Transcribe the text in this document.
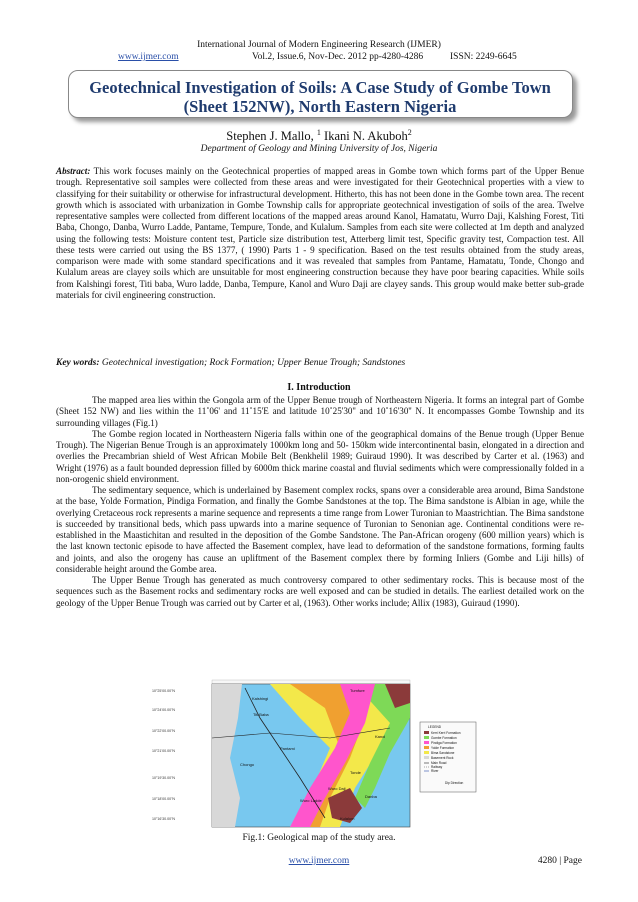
International Journal of Modern Engineering Research (IJMER)
www.ijmer.com	Vol.2, Issue.6, Nov-Dec. 2012 pp-4280-4286	ISSN: 2249-6645
Geotechnical Investigation of Soils: A Case Study of Gombe Town (Sheet 152NW), North Eastern Nigeria
Stephen J. Mallo, $^1$ Ikani N. Akuboh$^2$
Department of Geology and Mining University of Jos, Nigeria
Abstract: This work focuses mainly on the Geotechnical properties of mapped areas in Gombe town which forms part of the Upper Benue trough. Representative soil samples were collected from these areas and were investigated for their Geotechnical properties with a view to classifying for their suitability or otherwise for infrastructural development. Hitherto, this has not been done in the Gombe town area. The recent growth which is associated with urbanization in Gombe Township calls for appropriate geotechnical investigation of soils of the area. Twelve representative samples were collected from different locations of the mapped areas around Kanol, Hamatatu, Wurro Daji, Kalshing Forest, Titi Baba, Chongo, Danba, Wurro Ladde, Pantame, Tempure, Tonde, and Kulalum. Samples from each site were collected at 1m depth and analyzed using the following tests: Moisture content test, Particle size distribution test, Atterberg limit test, Specific gravity test, Compaction test. All these tests were carried out using the BS 1377, ( 1990) Parts 1 - 9 specification. Based on the test results obtained from the study areas, comparison were made with some standard specifications and it was revealed that samples from Pantame, Hamatatu, Tonde, Chongo and Kulalum areas are clayey soils which are unsuitable for most engineering construction because they have poor bearing capacities. While soils from Kalshingi forest, Titi baba, Wuro ladde, Danba, Tempure, Kanol and Wuro Daji are clayey sands. This group would make better sub-grade materials for civil engineering construction.
Key words: Geotechnical investigation; Rock Formation; Upper Benue Trough; Sandstones
I. Introduction

The mapped area lies within the Gongola arm of the Upper Benue trough of Northeastern Nigeria. It forms an integral part of Gombe (Sheet 152 NW) and lies within the 11˚06' and 11˚15'E and latitude 10˚25'30'' and 10˚16'30'' N. It encompasses Gombe Township and its surrounding villages (Fig.1)

The Gombe region located in Northeastern Nigeria falls within one of the geographical domains of the Benue trough (Upper Benue Trough). The Nigerian Benue Trough is an approximately 1000km long and 50- 150km wide intercontinental basin, elongated in a direction and overlies the Precambrian shield of West African Mobile Belt (Benkhelil 1989; Guiraud 1990). It was described by Carter et al. (1963) and Wright (1976) as a fault bounded depression filled by 6000m thick marine coastal and fluvial sediments which were compressionally folded in a non-orogenic shield environment.

The sedimentary sequence, which is underlained by Basement complex rocks, spans over a considerable area around, Bima Sandstone at the base, Yolde Formation, Pindiga Formation, and finally the Gombe Sandstones at the top. The Bima sandstone is Albian in age, while the overlying Cretaceous rock represents a marine sequence and represents a time range from Lower Turonian to Maastrichtian. The Bima sandstone is succeeded by transitional beds, which pass upwards into a marine sequence of Turonian to Senonian age. Continental conditions were re-established in the Maastichitan and resulted in the deposition of the Gombe Sandstone. The Pan-African orogeny (600 million years) which is the last known tectonic episode to have affected the Basement complex, have lead to deformation of the sandstone formations, forming faults and joints, and also the orogeny has cause an upliftment of the Basement complex there by forming Inliers (Gombe and Liji hills) of considerable height around the Gombe area.

The Upper Benue Trough has generated as much controversy compared to other sedimentary rocks. This is because most of the sequences such as the Basement rocks and sedimentary rocks are well exposed and can be studied in details. The earliest detailed work on the geology of the Upper Benue Trough was carried out by Carter et al, (1963). Other works include; Allix (1983), Guiraud (1990).

10°25'00.00"N
10°24'00.00"N
10°22'00.00"N
10°21'00.00"N
10°19'30.00"N
10°18'00.00"N
10°16'30.00"N
Tumfure
Kalshingi
Kanol
Wuro Ladde
Wuro Daji
Titi Baba
Pantami
Tonde
Danba
Chongo
Kulalum
LEGEND
Kerri Kerri Formation
Gombe Formation
Pindiga Formation
Yolde Formation
Bima Sandstone
Basement Rock
Main Road
Railway
River
Dip Direction
Fig.1: Geological map of the study area.
www.ijmer.com	4280 | Page
